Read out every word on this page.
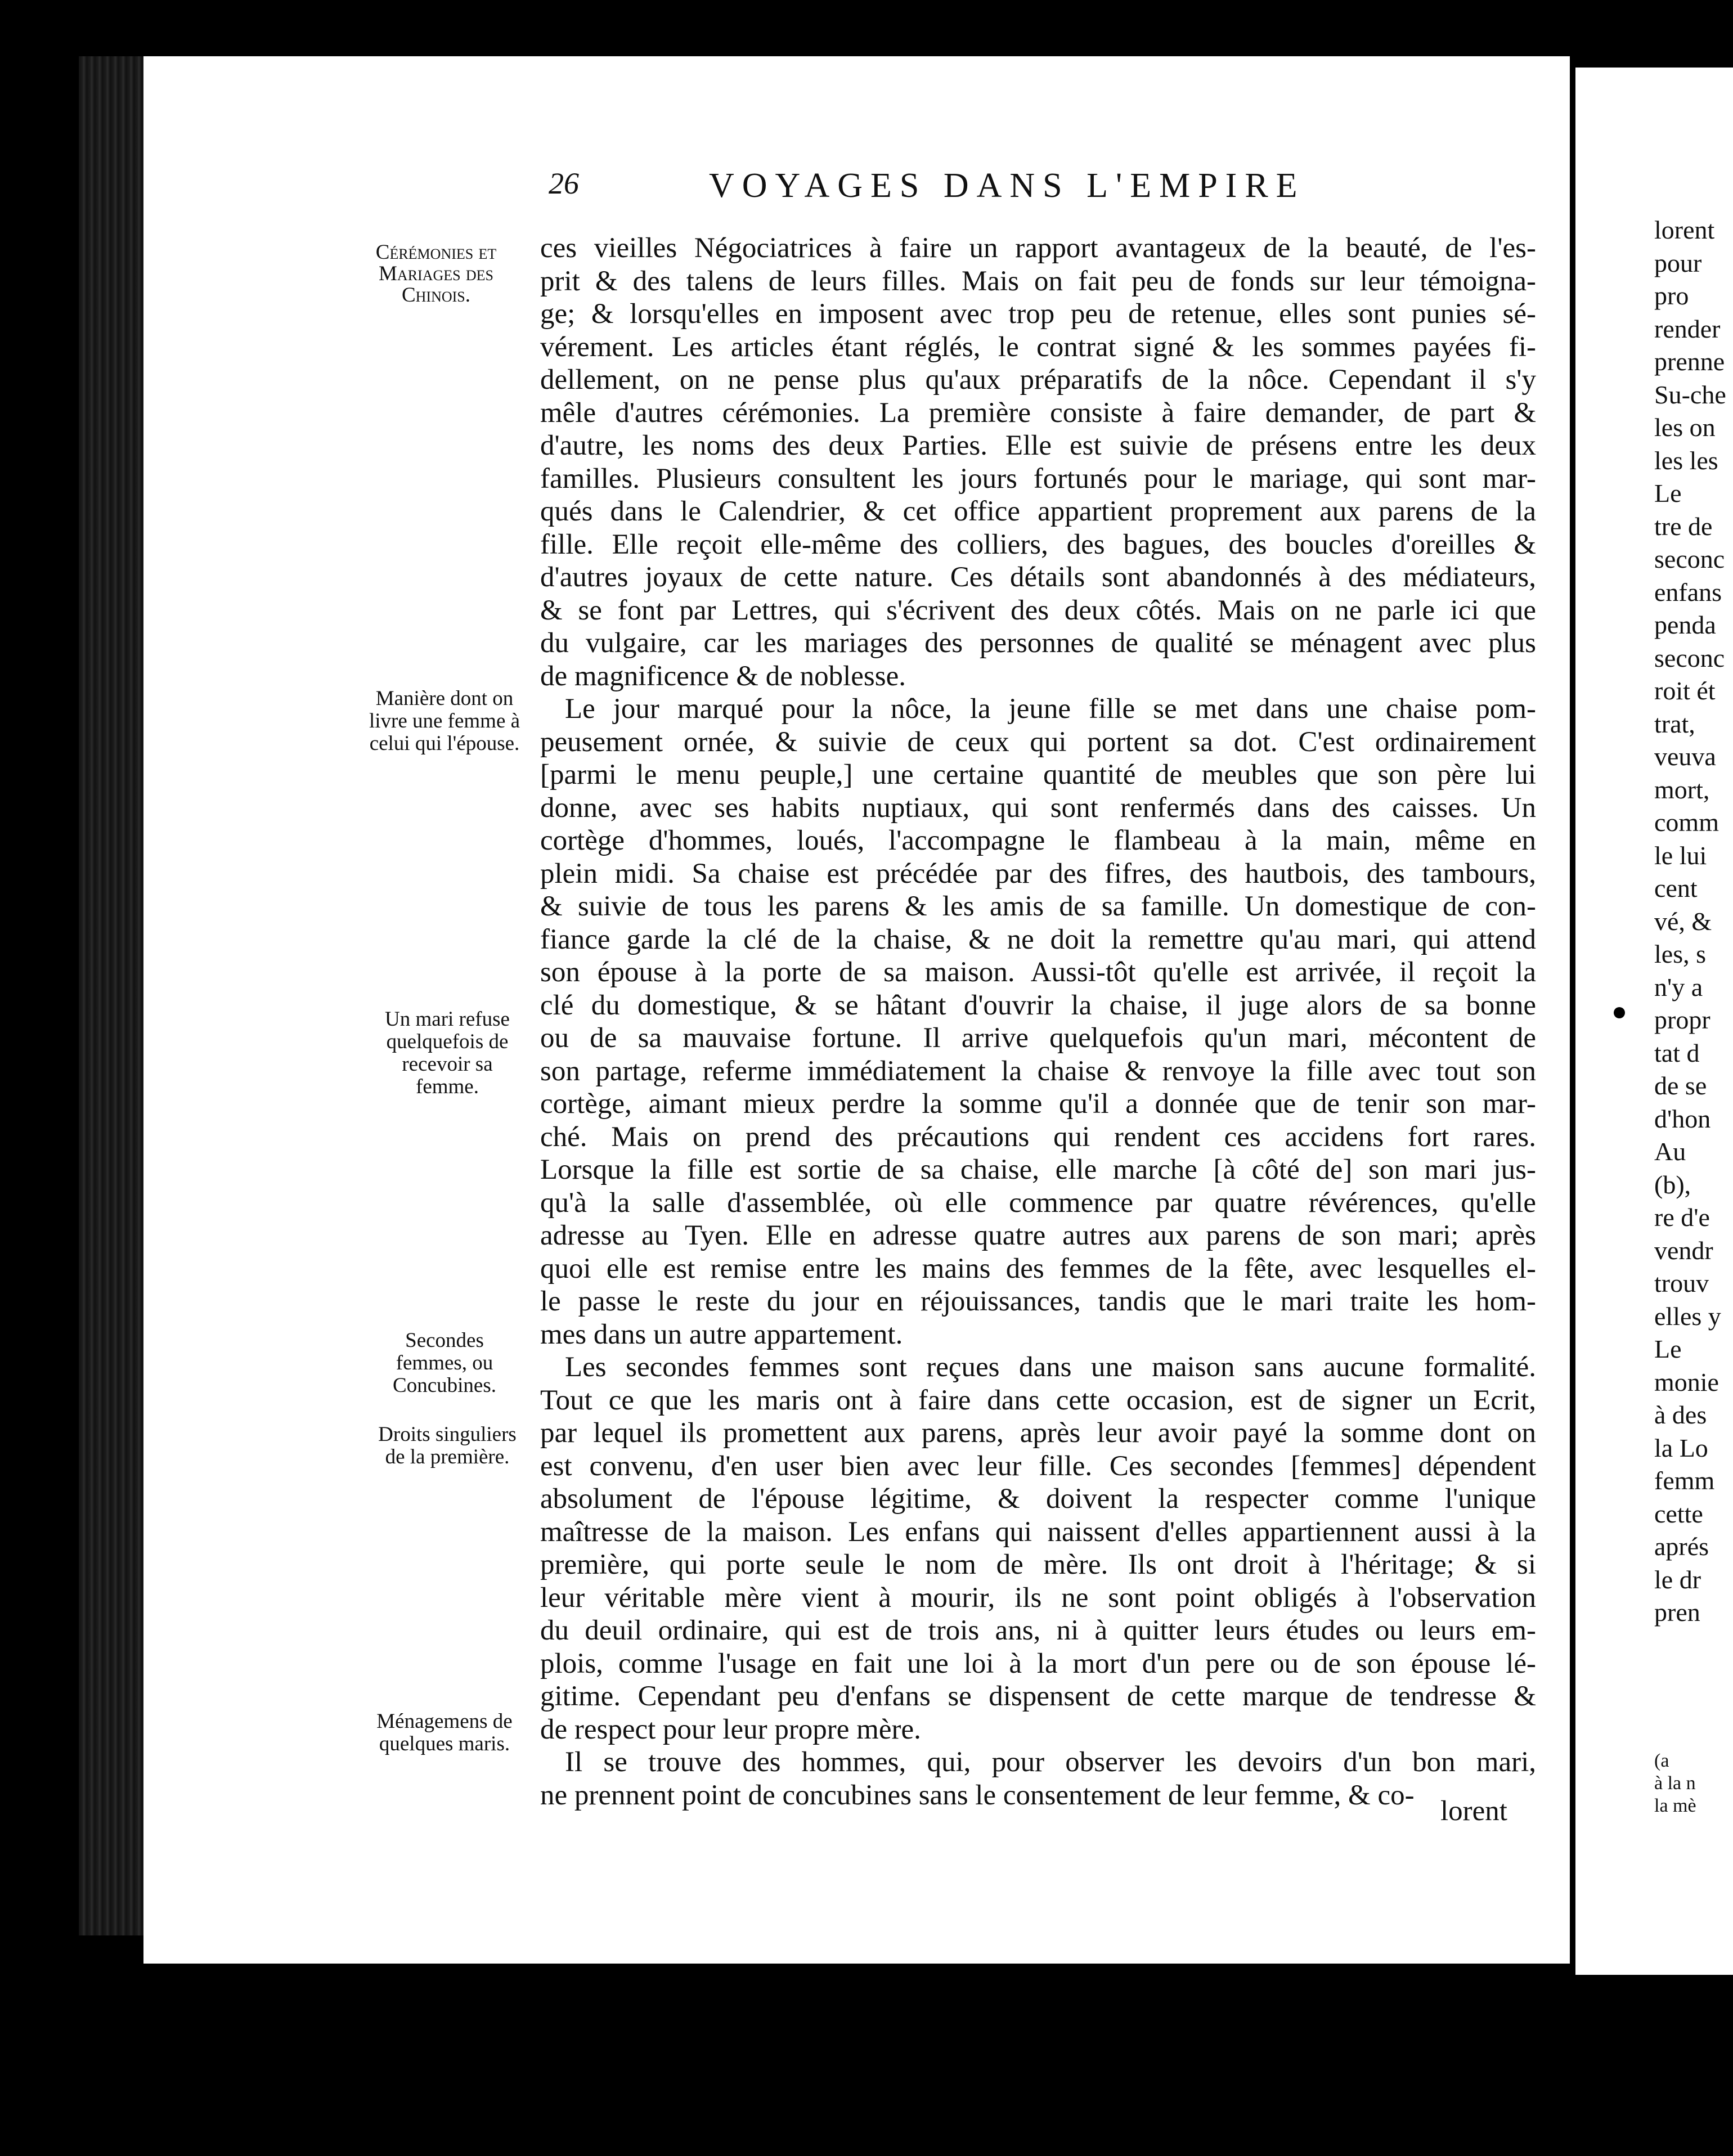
26	VOYAGES DANS L'EMPIRE
Cérémonies et Mariages des Chinois.
Manière dont on livre une femme à celui qui l'épouse.
Un mari refuse quelquefois de recevoir sa femme.
Secondes femmes, ou Concubines.
Droits singuliers de la première.
Ménagemens de quelques maris.

ces vieilles Négociatrices à faire un rapport avantageux de la beauté, de l'es-

prit & des talens de leurs filles. Mais on fait peu de fonds sur leur témoigna-

ge; & lorsqu'elles en imposent avec trop peu de retenue, elles sont punies sé-

vérement. Les articles étant réglés, le contrat signé & les sommes payées fi-

dellement, on ne pense plus qu'aux préparatifs de la nôce. Cependant il s'y

mêle d'autres cérémonies. La première consiste à faire demander, de part &

d'autre, les noms des deux Parties. Elle est suivie de présens entre les deux

familles. Plusieurs consultent les jours fortunés pour le mariage, qui sont mar-

qués dans le Calendrier, & cet office appartient proprement aux parens de la

fille. Elle reçoit elle-même des colliers, des bagues, des boucles d'oreilles &

d'autres joyaux de cette nature. Ces détails sont abandonnés à des médiateurs,

& se font par Lettres, qui s'écrivent des deux côtés. Mais on ne parle ici que

du vulgaire, car les mariages des personnes de qualité se ménagent avec plus

de magnificence & de noblesse.

Le jour marqué pour la nôce, la jeune fille se met dans une chaise pom-

peusement ornée, & suivie de ceux qui portent sa dot. C'est ordinairement

[parmi le menu peuple,] une certaine quantité de meubles que son père lui

donne, avec ses habits nuptiaux, qui sont renfermés dans des caisses. Un

cortège d'hommes, loués, l'accompagne le flambeau à la main, même en

plein midi. Sa chaise est précédée par des fifres, des hautbois, des tambours,

& suivie de tous les parens & les amis de sa famille. Un domestique de con-

fiance garde la clé de la chaise, & ne doit la remettre qu'au mari, qui attend

son épouse à la porte de sa maison. Aussi-tôt qu'elle est arrivée, il reçoit la

clé du domestique, & se hâtant d'ouvrir la chaise, il juge alors de sa bonne

ou de sa mauvaise fortune. Il arrive quelquefois qu'un mari, mécontent de

son partage, referme immédiatement la chaise & renvoye la fille avec tout son

cortège, aimant mieux perdre la somme qu'il a donnée que de tenir son mar-

ché. Mais on prend des précautions qui rendent ces accidens fort rares.

Lorsque la fille est sortie de sa chaise, elle marche [à côté de] son mari jus-

qu'à la salle d'assemblée, où elle commence par quatre révérences, qu'elle

adresse au Tyen. Elle en adresse quatre autres aux parens de son mari; après

quoi elle est remise entre les mains des femmes de la fête, avec lesquelles el-

le passe le reste du jour en réjouissances, tandis que le mari traite les hom-

mes dans un autre appartement.

Les secondes femmes sont reçues dans une maison sans aucune formalité.

Tout ce que les maris ont à faire dans cette occasion, est de signer un Ecrit,

par lequel ils promettent aux parens, après leur avoir payé la somme dont on

est convenu, d'en user bien avec leur fille. Ces secondes [femmes] dépendent

absolument de l'épouse légitime, & doivent la respecter comme l'unique

maîtresse de la maison. Les enfans qui naissent d'elles appartiennent aussi à la

première, qui porte seule le nom de mère. Ils ont droit à l'héritage; & si

leur véritable mère vient à mourir, ils ne sont point obligés à l'observation

du deuil ordinaire, qui est de trois ans, ni à quitter leurs études ou leurs em-

plois, comme l'usage en fait une loi à la mort d'un pere ou de son épouse lé-

gitime. Cependant peu d'enfans se dispensent de cette marque de tendresse &

de respect pour leur propre mère.

Il se trouve des hommes, qui, pour observer les devoirs d'un bon mari,

ne prennent point de concubines sans le consentement de leur femme, & co-

lorent
lorent
pour
pro
render
prenne
Su-che
les on
les les
Le
tre de
seconc
enfans
penda
seconc
roit ét
trat,
veuva
mort,
comm
le lui
cent
vé, &
les, s
n'y a
propr
tat d
de se
d'hon
Au
(b),
re d'e
vendr
trouv
elles y
Le
monie
à des
la Lo
femm
cette
aprés
le dr
pren
(a
à la n
la mè
